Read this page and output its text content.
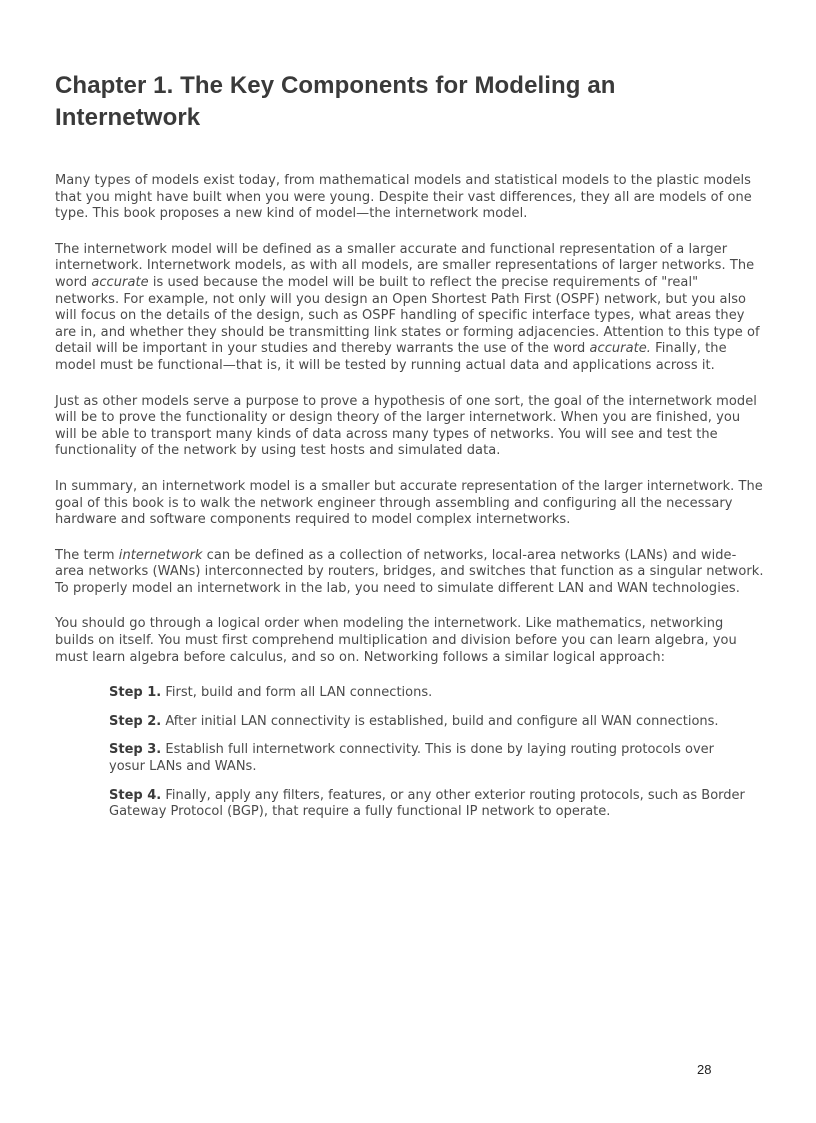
Chapter 1. The Key Components for Modeling an Internetwork

Many types of models exist today, from mathematical models and statistical models to the plastic models that you might have built when you were young. Despite their vast differences, they all are models of one type. This book proposes a new kind of model—the internetwork model.

The internetwork model will be defined as a smaller accurate and functional representation of a larger internetwork. Internetwork models, as with all models, are smaller representations of larger networks. The word accurate is used because the model will be built to reflect the precise requirements of "real" networks. For example, not only will you design an Open Shortest Path First (OSPF) network, but you also will focus on the details of the design, such as OSPF handling of specific interface types, what areas they are in, and whether they should be transmitting link states or forming adjacencies. Attention to this type of detail will be important in your studies and thereby warrants the use of the word accurate. Finally, the model must be functional—that is, it will be tested by running actual data and applications across it.

Just as other models serve a purpose to prove a hypothesis of one sort, the goal of the internetwork model will be to prove the functionality or design theory of the larger internetwork. When you are finished, you will be able to transport many kinds of data across many types of networks. You will see and test the functionality of the network by using test hosts and simulated data.

In summary, an internetwork model is a smaller but accurate representation of the larger internetwork. The goal of this book is to walk the network engineer through assembling and configuring all the necessary hardware and software components required to model complex internetworks.

The term internetwork can be defined as a collection of networks, local-area networks (LANs) and wide-area networks (WANs) interconnected by routers, bridges, and switches that function as a singular network. To properly model an internetwork in the lab, you need to simulate different LAN and WAN technologies.

You should go through a logical order when modeling the internetwork. Like mathematics, networking builds on itself. You must first comprehend multiplication and division before you can learn algebra, you must learn algebra before calculus, and so on. Networking follows a similar logical approach:

Step 1. First, build and form all LAN connections.

Step 2. After initial LAN connectivity is established, build and configure all WAN connections.

Step 3. Establish full internetwork connectivity. This is done by laying routing protocols over yosur LANs and WANs.

Step 4. Finally, apply any filters, features, or any other exterior routing protocols, such as Border Gateway Protocol (BGP), that require a fully functional IP network to operate.

28
